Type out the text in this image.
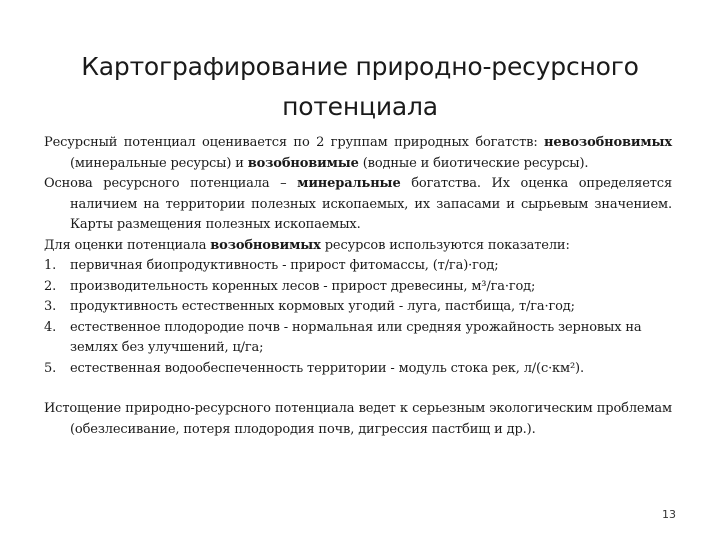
Картографирование природно-ресурсного
потенциала

Ресурсный потенциал оценивается по 2 группам природных богатств: невозобновимых (минеральные ресурсы) и возобновимые (водные и биотические ресурсы).

Основа ресурсного потенциала – минеральные богатства. Их оценка определяется наличием на территории полезных ископаемых, их запасами и сырьевым значением. Карты размещения полезных ископаемых.

Для оценки потенциала возобновимых ресурсов используются показатели:

1. первичная биопродуктивность - прирост фитомассы, (т/га)·год;
2. производительность коренных лесов - прирост древесины, м³/га·год;
3. продуктивность естественных кормовых угодий - луга, пастбища, т/га·год;
4. естественное плодородие почв - нормальная или средняя урожайность зерновых на землях без улучшений, ц/га;
5. естественная водообеспеченность территории - модуль стока рек, л/(с·км²).

Истощение природно-ресурсного потенциала ведет к серьезным экологическим проблемам (обезлесивание, потеря плодородия почв, дигрессия пастбищ и др.).

13
